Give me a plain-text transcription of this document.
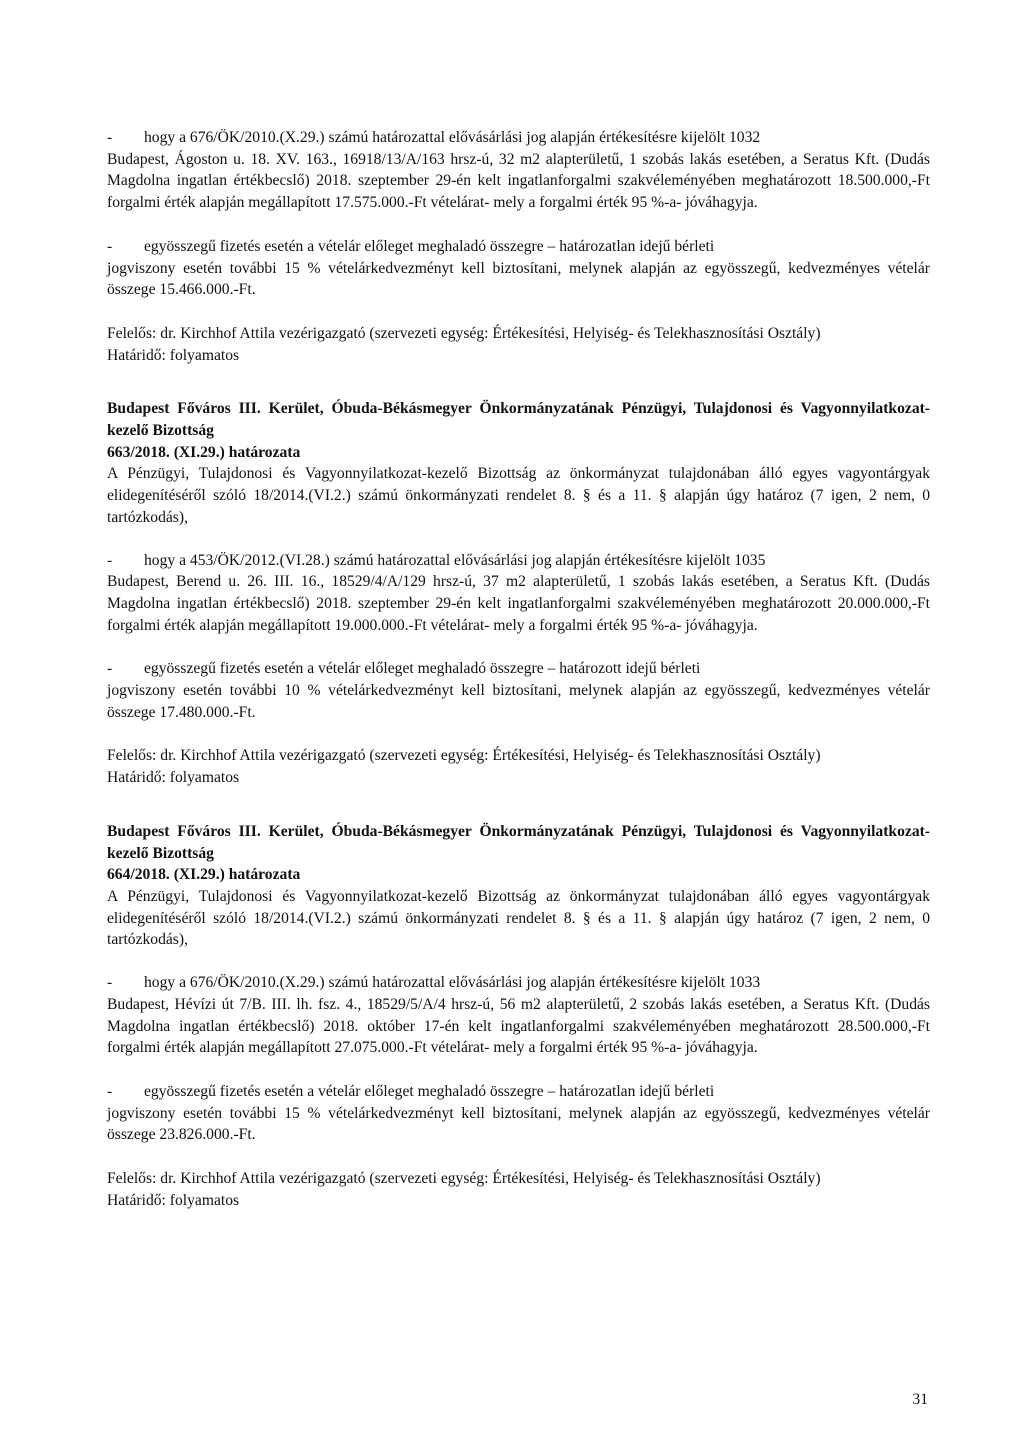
-	hogy a 676/ÖK/2010.(X.29.) számú határozattal elővásárlási jog alapján értékesítésre kijelölt 1032

Budapest, Ágoston u. 18. XV. 163., 16918/13/A/163 hrsz-ú, 32 m2 alapterületű, 1 szobás lakás esetében, a Seratus Kft. (Dudás Magdolna ingatlan értékbecslő) 2018. szeptember 29-én kelt ingatlanforgalmi szakvéleményében meghatározott 18.500.000,-Ft forgalmi érték alapján megállapított 17.575.000.-Ft vételárat- mely a forgalmi érték 95 %-a- jóváhagyja.

-	egyösszegű fizetés esetén a vételár előleget meghaladó összegre – határozatlan idejű bérleti

jogviszony esetén további 15 % vételárkedvezményt kell biztosítani, melynek alapján az egyösszegű, kedvezményes vételár összege 15.466.000.-Ft.

Felelős: dr. Kirchhof Attila vezérigazgató (szervezeti egység: Értékesítési, Helyiség- és Telekhasznosítási Osztály)

Határidő: folyamatos

Budapest Főváros III. Kerület, Óbuda-Békásmegyer Önkormányzatának Pénzügyi, Tulajdonosi és Vagyonnyilatkozat-kezelő Bizottság

663/2018. (XI.29.) határozata

A Pénzügyi, Tulajdonosi és Vagyonnyilatkozat-kezelő Bizottság az önkormányzat tulajdonában álló egyes vagyontárgyak elidegenítéséről szóló 18/2014.(VI.2.) számú önkormányzati rendelet 8. § és a 11. § alapján úgy határoz (7 igen, 2 nem, 0 tartózkodás),

-	hogy a 453/ÖK/2012.(VI.28.) számú határozattal elővásárlási jog alapján értékesítésre kijelölt 1035

Budapest, Berend u. 26. III. 16., 18529/4/A/129 hrsz-ú, 37 m2 alapterületű, 1 szobás lakás esetében, a Seratus Kft. (Dudás Magdolna ingatlan értékbecslő) 2018. szeptember 29-én kelt ingatlanforgalmi szakvéleményében meghatározott 20.000.000,-Ft forgalmi érték alapján megállapított 19.000.000.-Ft vételárat- mely a forgalmi érték 95 %-a- jóváhagyja.

-	egyösszegű fizetés esetén a vételár előleget meghaladó összegre – határozott idejű bérleti

jogviszony esetén további 10 % vételárkedvezményt kell biztosítani, melynek alapján az egyösszegű, kedvezményes vételár összege 17.480.000.-Ft.

Felelős: dr. Kirchhof Attila vezérigazgató (szervezeti egység: Értékesítési, Helyiség- és Telekhasznosítási Osztály)

Határidő: folyamatos

Budapest Főváros III. Kerület, Óbuda-Békásmegyer Önkormányzatának Pénzügyi, Tulajdonosi és Vagyonnyilatkozat-kezelő Bizottság

664/2018. (XI.29.) határozata

A Pénzügyi, Tulajdonosi és Vagyonnyilatkozat-kezelő Bizottság az önkormányzat tulajdonában álló egyes vagyontárgyak elidegenítéséről szóló 18/2014.(VI.2.) számú önkormányzati rendelet 8. § és a 11. § alapján úgy határoz (7 igen, 2 nem, 0 tartózkodás),

-	hogy a 676/ÖK/2010.(X.29.) számú határozattal elővásárlási jog alapján értékesítésre kijelölt 1033

Budapest, Hévízi út 7/B. III. lh. fsz. 4., 18529/5/A/4 hrsz-ú, 56 m2 alapterületű, 2 szobás lakás esetében, a Seratus Kft. (Dudás Magdolna ingatlan értékbecslő) 2018. október 17-én kelt ingatlanforgalmi szakvéleményében meghatározott 28.500.000,-Ft forgalmi érték alapján megállapított 27.075.000.-Ft vételárat- mely a forgalmi érték 95 %-a- jóváhagyja.

-	egyösszegű fizetés esetén a vételár előleget meghaladó összegre – határozatlan idejű bérleti

jogviszony esetén további 15 % vételárkedvezményt kell biztosítani, melynek alapján az egyösszegű, kedvezményes vételár összege 23.826.000.-Ft.

Felelős: dr. Kirchhof Attila vezérigazgató (szervezeti egység: Értékesítési, Helyiség- és Telekhasznosítási Osztály)

Határidő: folyamatos

31
